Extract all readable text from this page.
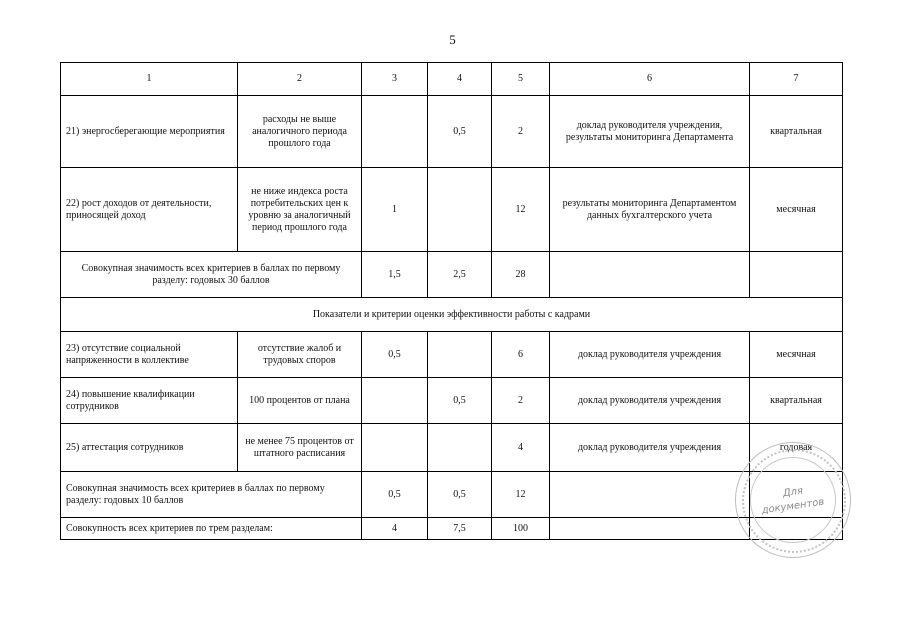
5
1	2	3	4	5	6	7
21) энергосберегающие мероприятия	расходы не выше аналогичного периода прошлого года		0,5	2	доклад руководителя учреждения, результаты мониторинга Департамента	квартальная
22) рост доходов от деятельности, приносящей доход	не ниже индекса роста потребительских цен к уровню за аналогичный период прошлого года	1		12	результаты мониторинга Департаментом данных бухгалтерского учета	месячная
Совокупная значимость всех критериев в баллах по первому разделу: годовых 30 баллов		1,5	2,5	28		
Показатели и критерии оценки эффективности работы с кадрами						
23) отсутствие социальной напряженности в коллективе	отсутствие жалоб и трудовых споров	0,5		6	доклад руководителя учреждения	месячная
24) повышение квалификации сотрудников	100 процентов от плана		0,5	2	доклад руководителя учреждения	квартальная
25) аттестация сотрудников	не менее 75 процентов от штатного расписания			4	доклад руководителя учреждения	годовая
Совокупная значимость всех критериев в баллах по первому разделу: годовых 10 баллов		0,5	0,5	12		
Совокупность всех критериев по трем разделам:		4	7,5	100		
Для
документов
